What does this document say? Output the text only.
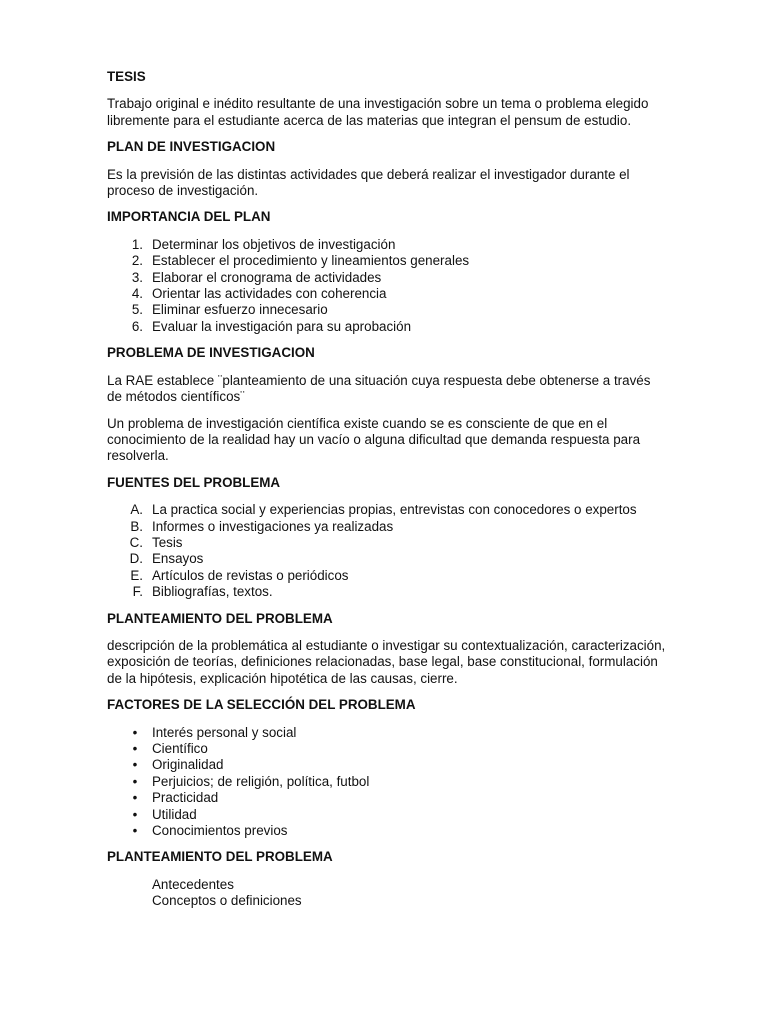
TESIS

Trabajo original e inédito resultante de una investigación sobre un tema o problema elegido libremente para el estudiante acerca de las materias que integran el pensum de estudio.

PLAN DE INVESTIGACION

Es la previsión de las distintas actividades que deberá realizar el investigador durante el proceso de investigación.

IMPORTANCIA DEL PLAN

1. Determinar los objetivos de investigación
2. Establecer el procedimiento y lineamientos generales
3. Elaborar el cronograma de actividades
4. Orientar las actividades con coherencia
5. Eliminar esfuerzo innecesario
6. Evaluar la investigación para su aprobación

PROBLEMA DE INVESTIGACION

La RAE establece ¨planteamiento de una situación cuya respuesta debe obtenerse a través de métodos científicos¨

Un problema de investigación científica existe cuando se es consciente de que en el conocimiento de la realidad hay un vacío o alguna dificultad que demanda respuesta para resolverla.

FUENTES DEL PROBLEMA

A. La practica social y experiencias propias, entrevistas con conocedores o expertos
B. Informes o investigaciones ya realizadas
C. Tesis
D. Ensayos
E. Artículos de revistas o periódicos
F. Bibliografías, textos.

PLANTEAMIENTO DEL PROBLEMA

descripción de la problemática al estudiante o investigar su contextualización, caracterización, exposición de teorías, definiciones relacionadas, base legal, base constitucional, formulación de la hipótesis, explicación hipotética de las causas, cierre.

FACTORES DE LA SELECCIÓN DEL PROBLEMA

• Interés personal y social
• Científico
• Originalidad
• Perjuicios; de religión, política, futbol
• Practicidad
• Utilidad
• Conocimientos previos

PLANTEAMIENTO DEL PROBLEMA

Antecedentes
Conceptos o definiciones
